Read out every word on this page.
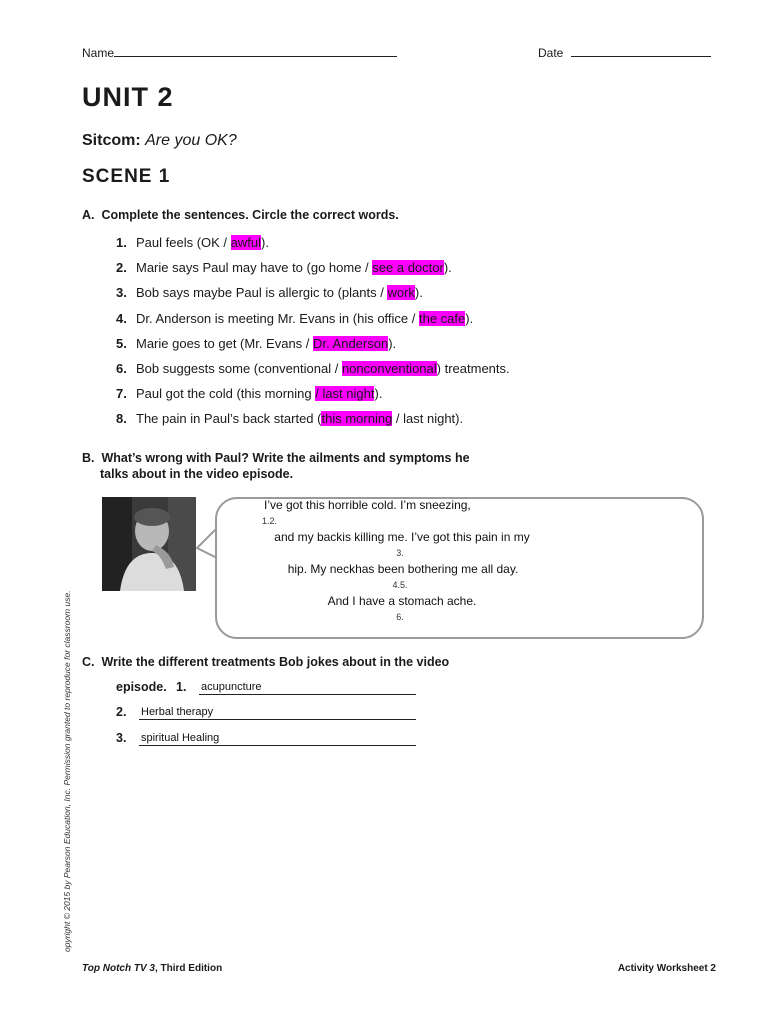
Name	Date
UNIT 2
Sitcom: Are you OK?
SCENE 1
A.  Complete the sentences. Circle the correct words.
1. Paul feels (OK / awful).
2. Marie says Paul may have to (go home / see a doctor).
3. Bob says maybe Paul is allergic to (plants / work).
4. Dr. Anderson is meeting Mr. Evans in (his office / the cafe).
5. Marie goes to get (Mr. Evans / Dr. Anderson).
6. Bob suggests some (conventional / nonconventional) treatments.
7. Paul got the cold (this morning / last night).
8. The pain in Paul’s back started (this morning / last night).
B.  What’s wrong with Paul? Write the ailments and symptoms he
talks about in the video episode.
I’ve got this horrible cold. I’m sneezing,
1.2.
and my backis killing me. I’ve got this pain in my
3.
hip. My neckhas been bothering me all day.
4.5.
And I have a stomach ache.
6.
C.  Write the different treatments Bob jokes about in the video
episode. 1. acupuncture
2. Herbal therapy
3. spiritual Healing
opyright © 2015 by Pearson Education, Inc. Permission granted to reproduce for classroom use.
Top Notch TV 3, Third Edition	Activity Worksheet 2
